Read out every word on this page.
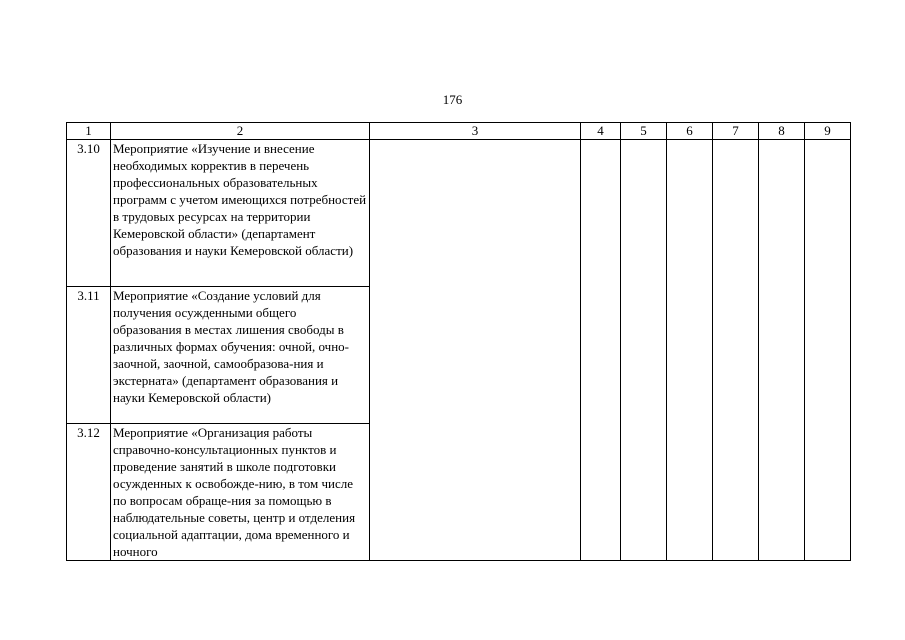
176
1	2	3	4	5	6	7	8	9
3.10	Мероприятие «Изучение и внесение необходимых корректив в перечень профессиональных образовательных программ с учетом имеющихся потребностей в трудовых ресурсах на территории Кемеровской области» (департамент образования и науки Кемеровской области)							
3.11	Мероприятие «Создание условий для получения осужденными общего образования в местах лишения свободы в различных формах обучения: очной, очно-заочной, заочной, самообразова-ния и экстерната» (департамент образования и науки Кемеровской области)							
3.12	Мероприятие «Организация работы справочно-консультационных пунктов и проведение занятий в школе подготовки осужденных к освобожде-нию, в том числе по вопросам обраще-ния за помощью в наблюдательные советы, центр и отделения социальной адаптации, дома временного и ночного							
